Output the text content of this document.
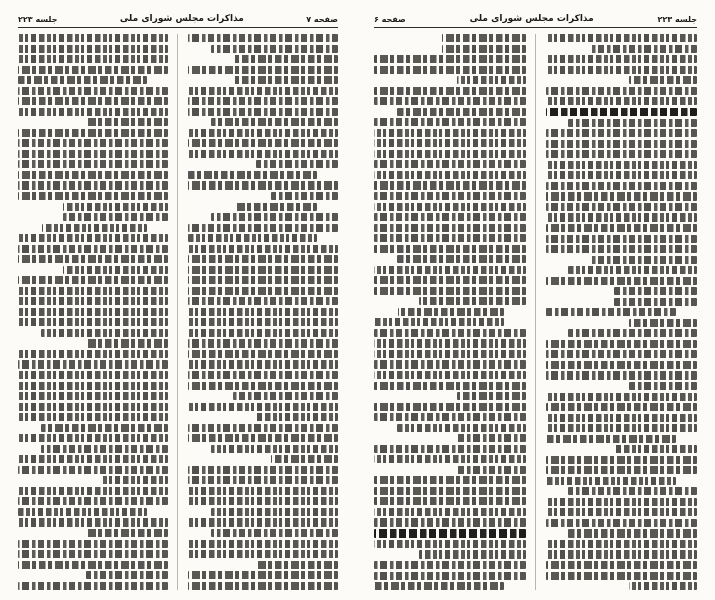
صفحه ۷
مذاکرات مجلس شورای ملی
جلسه ۲۲۳	جلسه ۲۲۳
مذاکرات مجلس شورای ملی
صفحه ۶
